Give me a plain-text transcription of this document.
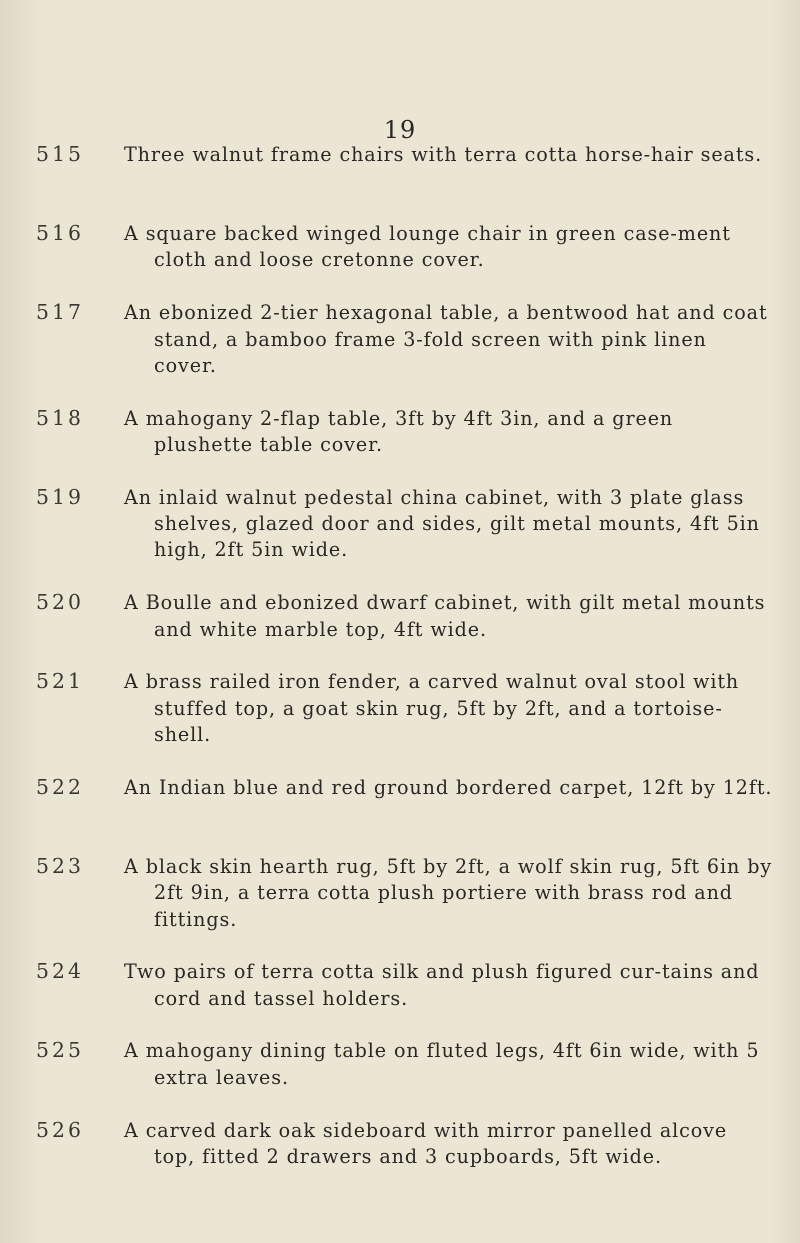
19
515 Three walnut frame chairs with terra cotta horse-hair seats.
516 A square backed winged lounge chair in green case-ment cloth and loose cretonne cover.
517 An ebonized 2-tier hexagonal table, a bentwood hat and coat stand, a bamboo frame 3-fold screen with pink linen cover.
518 A mahogany 2-flap table, 3ft by 4ft 3in, and a green plushette table cover.
519 An inlaid walnut pedestal china cabinet, with 3 plate glass shelves, glazed door and sides, gilt metal mounts, 4ft 5in high, 2ft 5in wide.
520 A Boulle and ebonized dwarf cabinet, with gilt metal mounts and white marble top, 4ft wide.
521 A brass railed iron fender, a carved walnut oval stool with stuffed top, a goat skin rug, 5ft by 2ft, and a tortoise-shell.
522 An Indian blue and red ground bordered carpet, 12ft by 12ft.
523 A black skin hearth rug, 5ft by 2ft, a wolf skin rug, 5ft 6in by 2ft 9in, a terra cotta plush portiere with brass rod and fittings.
524 Two pairs of terra cotta silk and plush figured cur-tains and cord and tassel holders.
525 A mahogany dining table on fluted legs, 4ft 6in wide, with 5 extra leaves.
526 A carved dark oak sideboard with mirror panelled alcove top, fitted 2 drawers and 3 cupboards, 5ft wide.
